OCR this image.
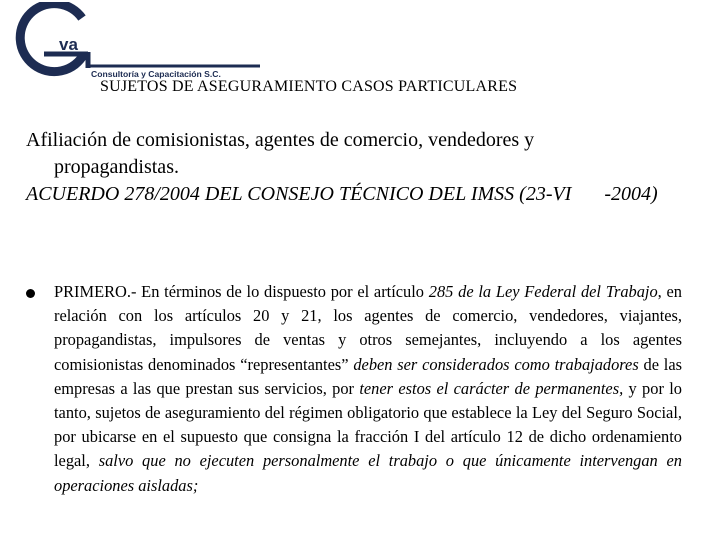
va
Consultoría y Capacitación S.C.
SUJETOS DE ASEGURAMIENTO CASOS PARTICULARES
Afiliación de comisionistas, agentes de comercio, vendedores y
propagandistas.
ACUERDO 278/2004 DEL CONSEJO TÉCNICO DEL IMSS (23-VI -2004)

PRIMERO.- En términos de lo dispuesto por el artículo 285 de la Ley Federal del Trabajo, en relación con los artículos 20 y 21, los agentes de comercio, vendedores, viajantes, propagandistas, impulsores de ventas y otros semejantes, incluyendo a los agentes comisionistas denominados “representantes” deben ser considerados como trabajadores de las empresas a las que prestan sus servicios, por tener estos el carácter de permanentes, y por lo tanto, sujetos de aseguramiento del régimen obligatorio que establece la Ley del Seguro Social, por ubicarse en el supuesto que consigna la fracción I del artículo 12 de dicho ordenamiento legal, salvo que no ejecuten personalmente el trabajo o que únicamente intervengan en operaciones aisladas;
